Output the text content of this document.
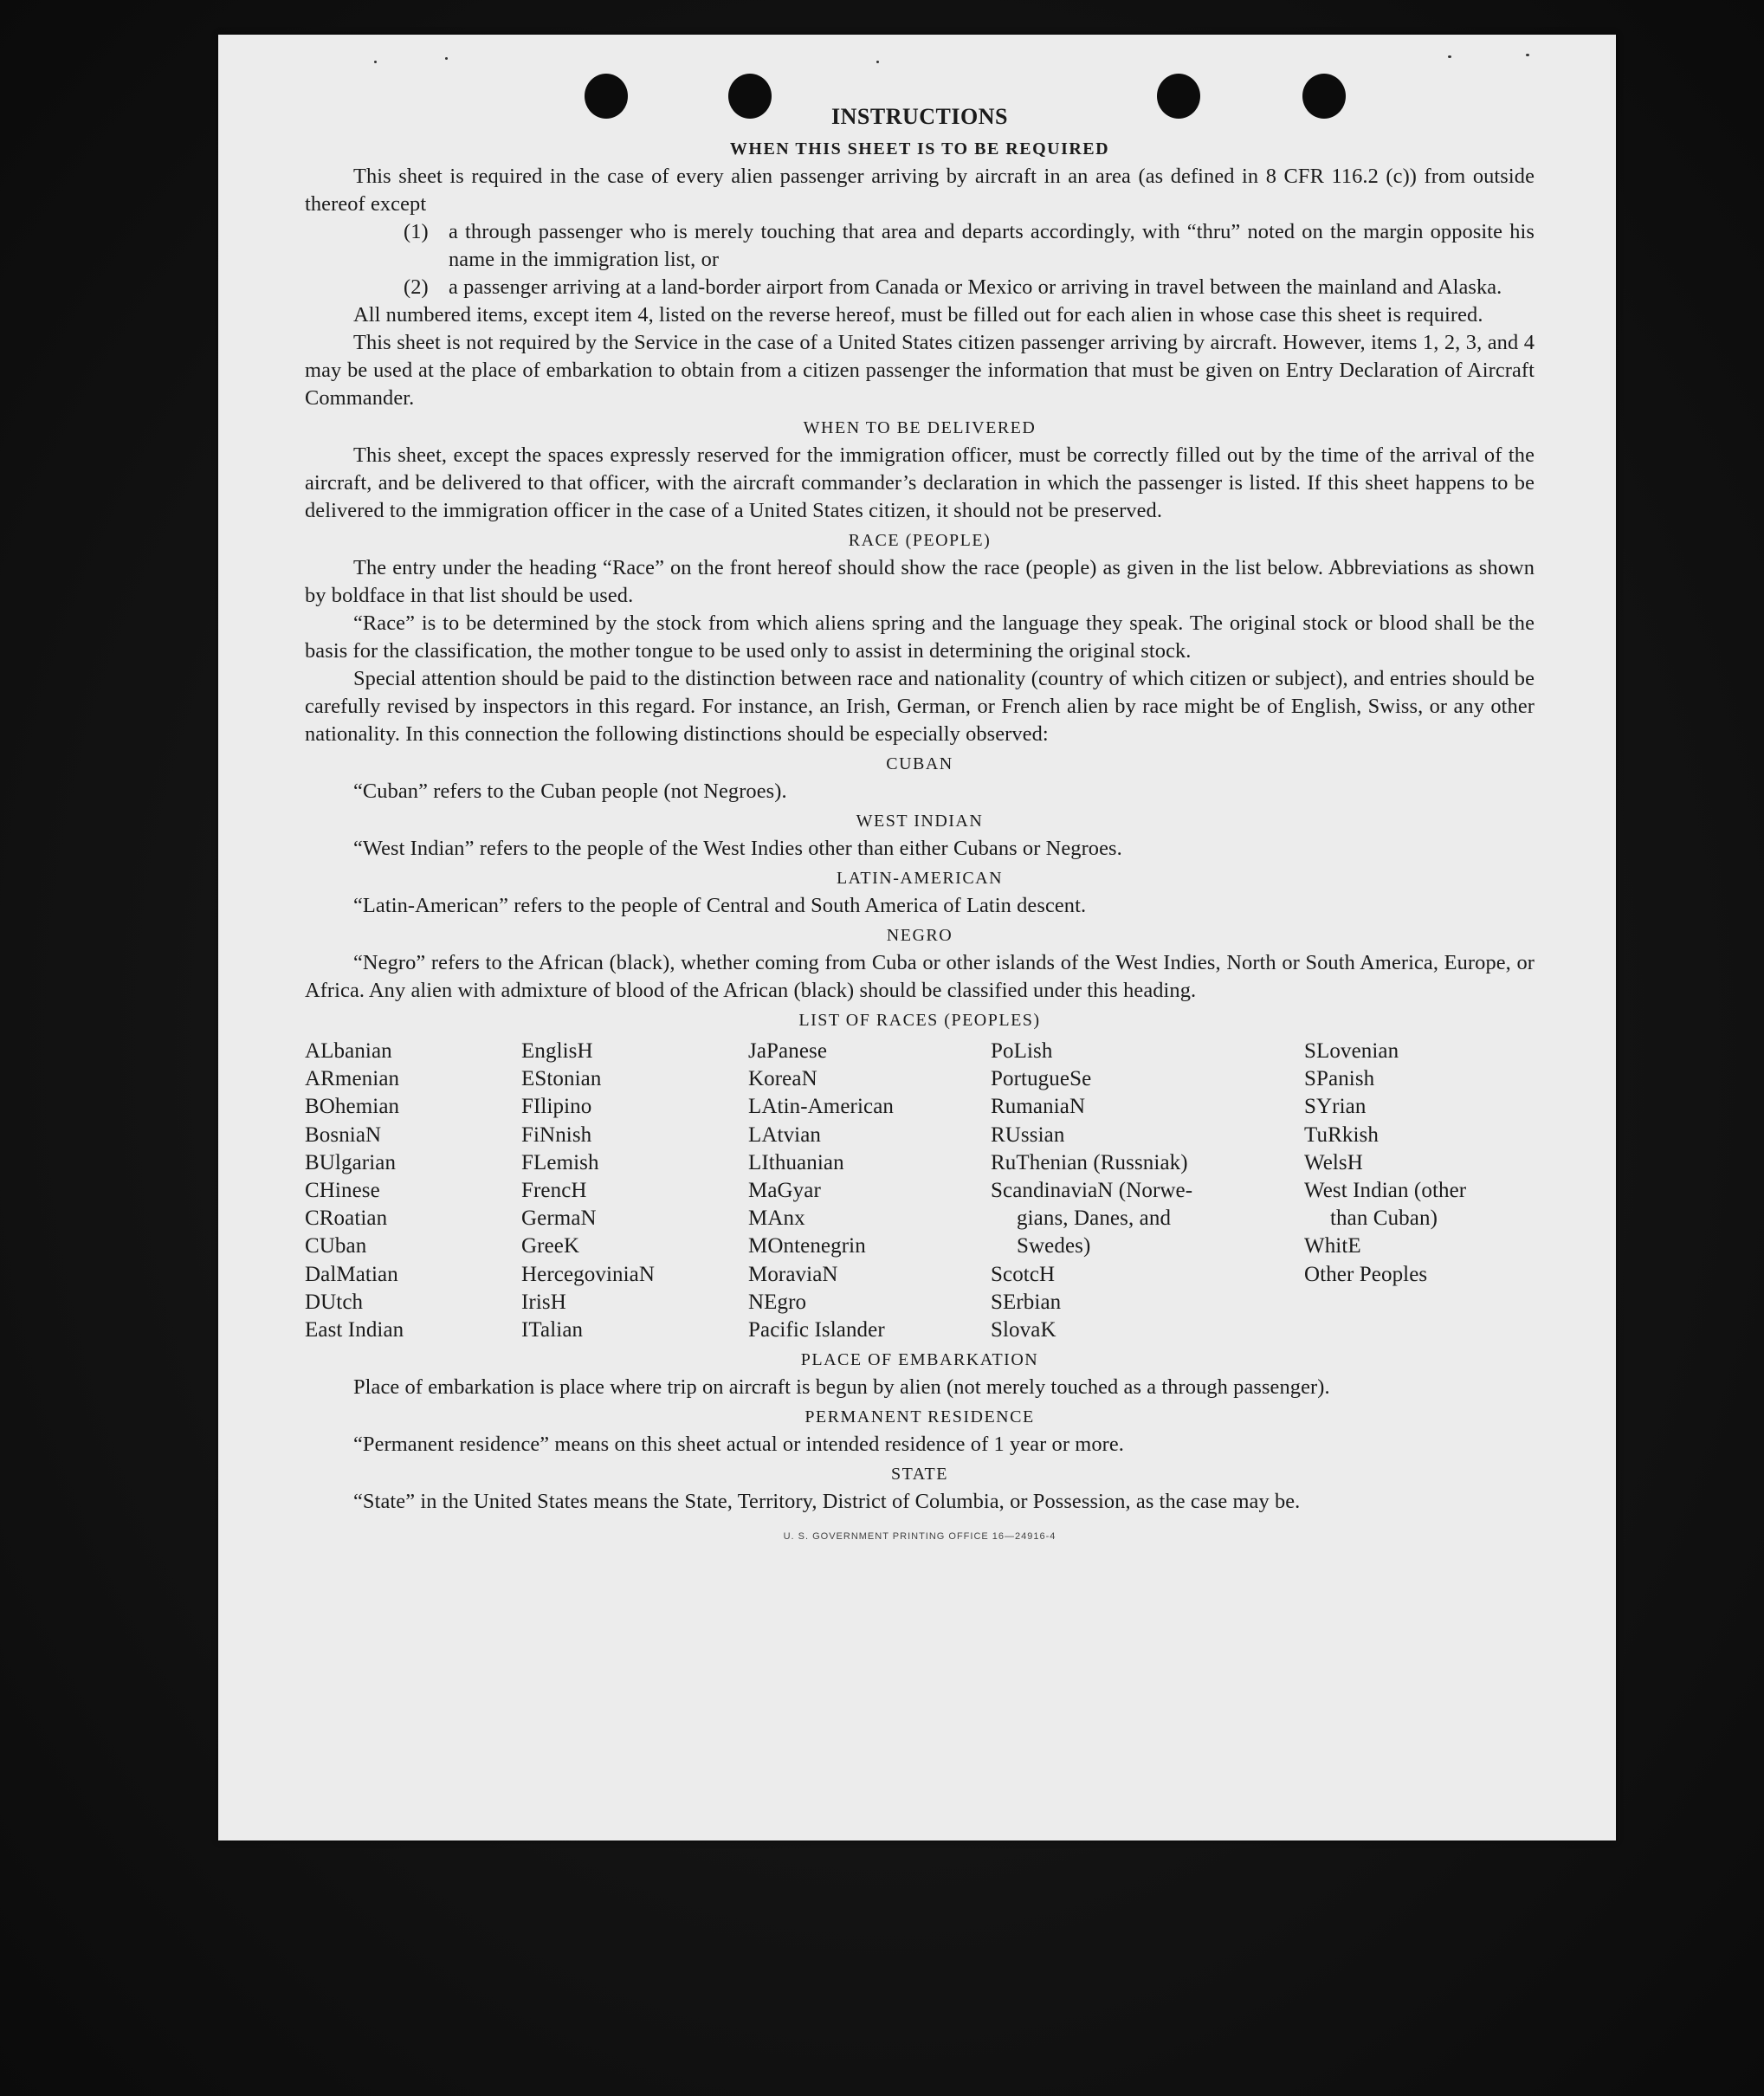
INSTRUCTIONS
WHEN THIS SHEET IS TO BE REQUIRED

This sheet is required in the case of every alien passenger arriving by aircraft in an area (as defined in 8 CFR 116.2 (c)) from outside thereof except

(1) a through passenger who is merely touching that area and departs accordingly, with “thru” noted on the margin opposite his name in the immigration list, or
(2) a passenger arriving at a land-border airport from Canada or Mexico or arriving in travel between the mainland and Alaska.

All numbered items, except item 4, listed on the reverse hereof, must be filled out for each alien in whose case this sheet is required.

This sheet is not required by the Service in the case of a United States citizen passenger arriving by aircraft. However, items 1, 2, 3, and 4 may be used at the place of embarkation to obtain from a citizen passenger the information that must be given on Entry Declaration of Aircraft Commander.

WHEN TO BE DELIVERED

This sheet, except the spaces expressly reserved for the immigration officer, must be correctly filled out by the time of the arrival of the aircraft, and be delivered to that officer, with the aircraft commander’s declaration in which the passenger is listed. If this sheet happens to be delivered to the immigration officer in the case of a United States citizen, it should not be preserved.

RACE (PEOPLE)

The entry under the heading “Race” on the front hereof should show the race (people) as given in the list below. Abbreviations as shown by boldface in that list should be used.

“Race” is to be determined by the stock from which aliens spring and the language they speak. The original stock or blood shall be the basis for the classification, the mother tongue to be used only to assist in determining the original stock.

Special attention should be paid to the distinction between race and nationality (country of which citizen or subject), and entries should be carefully revised by inspectors in this regard. For instance, an Irish, German, or French alien by race might be of English, Swiss, or any other nationality. In this connection the following distinctions should be especially observed:

CUBAN

“Cuban” refers to the Cuban people (not Negroes).

WEST INDIAN

“West Indian” refers to the people of the West Indies other than either Cubans or Negroes.

LATIN-AMERICAN

“Latin-American” refers to the people of Central and South America of Latin descent.

NEGRO

“Negro” refers to the African (black), whether coming from Cuba or other islands of the West Indies, North or South America, Europe, or Africa. Any alien with admixture of blood of the African (black) should be classified under this heading.

LIST OF RACES (PEOPLES)
ALbanian
ARmenian
BOhemian
BosniaN
BUlgarian
CHinese
CRoatian
CUban
DalMatian
DUtch
East Indian
EnglisH
EStonian
FIlipino
FiNnish
FLemish
FrencH
GermaN
GreeK
HercegoviniaN
IrisH
ITalian
JaPanese
KoreaN
LAtin-American
LAtvian
LIthuanian
MaGyar
MAnx
MOntenegrin
MoraviaN
NEgro
Pacific Islander
PoLish
PortugueSe
RumaniaN
RUssian
RuThenian (Russniak)
ScandinaviaN (Norwe-
gians, Danes, and
Swedes)
ScotcH
SErbian
SlovaK
SLovenian
SPanish
SYrian
TuRkish
WelsH
West Indian (other
than Cuban)
WhitE
Other Peoples
PLACE OF EMBARKATION

Place of embarkation is place where trip on aircraft is begun by alien (not merely touched as a through passenger).

PERMANENT RESIDENCE

“Permanent residence” means on this sheet actual or intended residence of 1 year or more.

STATE

“State” in the United States means the State, Territory, District of Columbia, or Possession, as the case may be.

U. S. GOVERNMENT PRINTING OFFICE 16—24916-4
